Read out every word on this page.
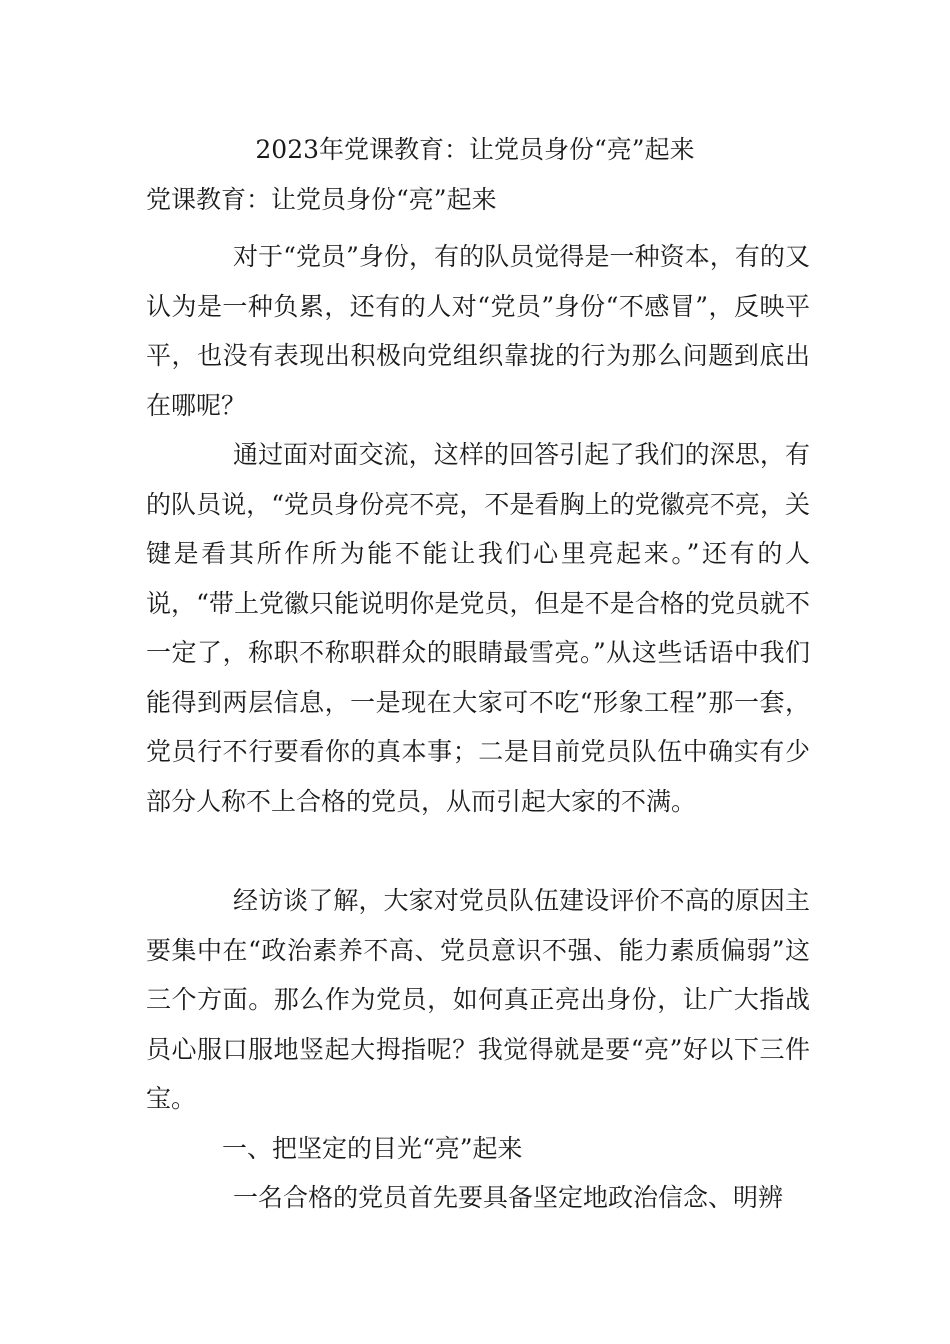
2023年党课教育：让党员身份“亮”起来
党课教育：让党员身份“亮”起来

对于“党员”身份，有的队员觉得是一种资本，有的又认为是一种负累，还有的人对“党员”身份“不感冒”，反映平平，也没有表现出积极向党组织靠拢的行为那么问题到底出在哪呢？

通过面对面交流，这样的回答引起了我们的深思，有的队员说，“党员身份亮不亮，不是看胸上的党徽亮不亮，关键是看其所作所为能不能让我们心里亮起来。”还有的人说，“带上党徽只能说明你是党员，但是不是合格的党员就不一定了，称职不称职群众的眼睛最雪亮。”从这些话语中我们能得到两层信息，一是现在大家可不吃“形象工程”那一套，党员行不行要看你的真本事；二是目前党员队伍中确实有少部分人称不上合格的党员，从而引起大家的不满。

经访谈了解，大家对党员队伍建设评价不高的原因主要集中在“政治素养不高、党员意识不强、能力素质偏弱”这三个方面。那么作为党员，如何真正亮出身份，让广大指战员心服口服地竖起大拇指呢？我觉得就是要“亮”好以下三件宝。

一、把坚定的目光“亮”起来

一名合格的党员首先要具备坚定地政治信念、明辨
